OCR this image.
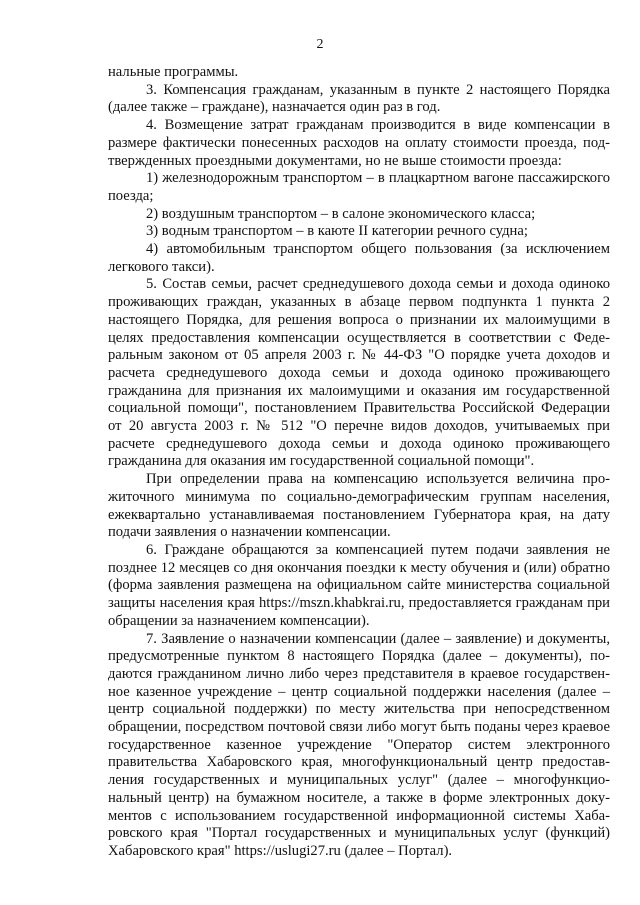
2

нальные программы.

3. Компенсация гражданам, указанным в пункте 2 настоящего Порядка (далее также – граждане), назначается один раз в год.

4. Возмещение затрат гражданам производится в виде компенсации в размере фактически понесенных расходов на оплату стоимости проезда, подтвержденных проездными документами, но не выше стоимости проезда:

1) железнодорожным транспортом – в плацкартном вагоне пассажирского поезда;

2) воздушным транспортом – в салоне экономического класса;

3) водным транспортом – в каюте II категории речного судна;

4) автомобильным транспортом общего пользования (за исключением легкового такси).

5. Состав семьи, расчет среднедушевого дохода семьи и дохода одиноко проживающих граждан, указанных в абзаце первом подпункта 1 пункта 2 настоящего Порядка, для решения вопроса о признании их малоимущими в целях предоставления компенсации осуществляется в соответствии с Федеральным законом от 05 апреля 2003 г. № 44-ФЗ "О порядке учета доходов и расчета среднедушевого дохода семьи и дохода одиноко проживающего гражданина для признания их малоимущими и оказания им государственной социальной помощи", постановлением Правительства Российской Федерации от 20 августа 2003 г. № 512 "О перечне видов доходов, учитываемых при расчете среднедушевого дохода семьи и дохода одиноко проживающего гражданина для оказания им государственной социальной помощи".

При определении права на компенсацию используется величина прожиточного минимума по социально-демографическим группам населения, ежеквартально устанавливаемая постановлением Губернатора края, на дату подачи заявления о назначении компенсации.

6. Граждане обращаются за компенсацией путем подачи заявления не позднее 12 месяцев со дня окончания поездки к месту обучения и (или) обратно (форма заявления размещена на официальном сайте министерства социальной защиты населения края https://mszn.khabkrai.ru, предоставляется гражданам при обращении за назначением компенсации).

7. Заявление о назначении компенсации (далее – заявление) и документы, предусмотренные пунктом 8 настоящего Порядка (далее – документы), подаются гражданином лично либо через представителя в краевое государственное казенное учреждение – центр социальной поддержки населения (далее – центр социальной поддержки) по месту жительства при непосредственном обращении, посредством почтовой связи либо могут быть поданы через краевое государственное казенное учреждение "Оператор систем электронного правительства Хабаровского края, многофункциональный центр предоставления государственных и муниципальных услуг" (далее – многофункциональный центр) на бумажном носителе, а также в форме электронных документов с использованием государственной информационной системы Хабаровского края "Портал государственных и муниципальных услуг (функций) Хабаровского края" https://uslugi27.ru (далее – Портал).
